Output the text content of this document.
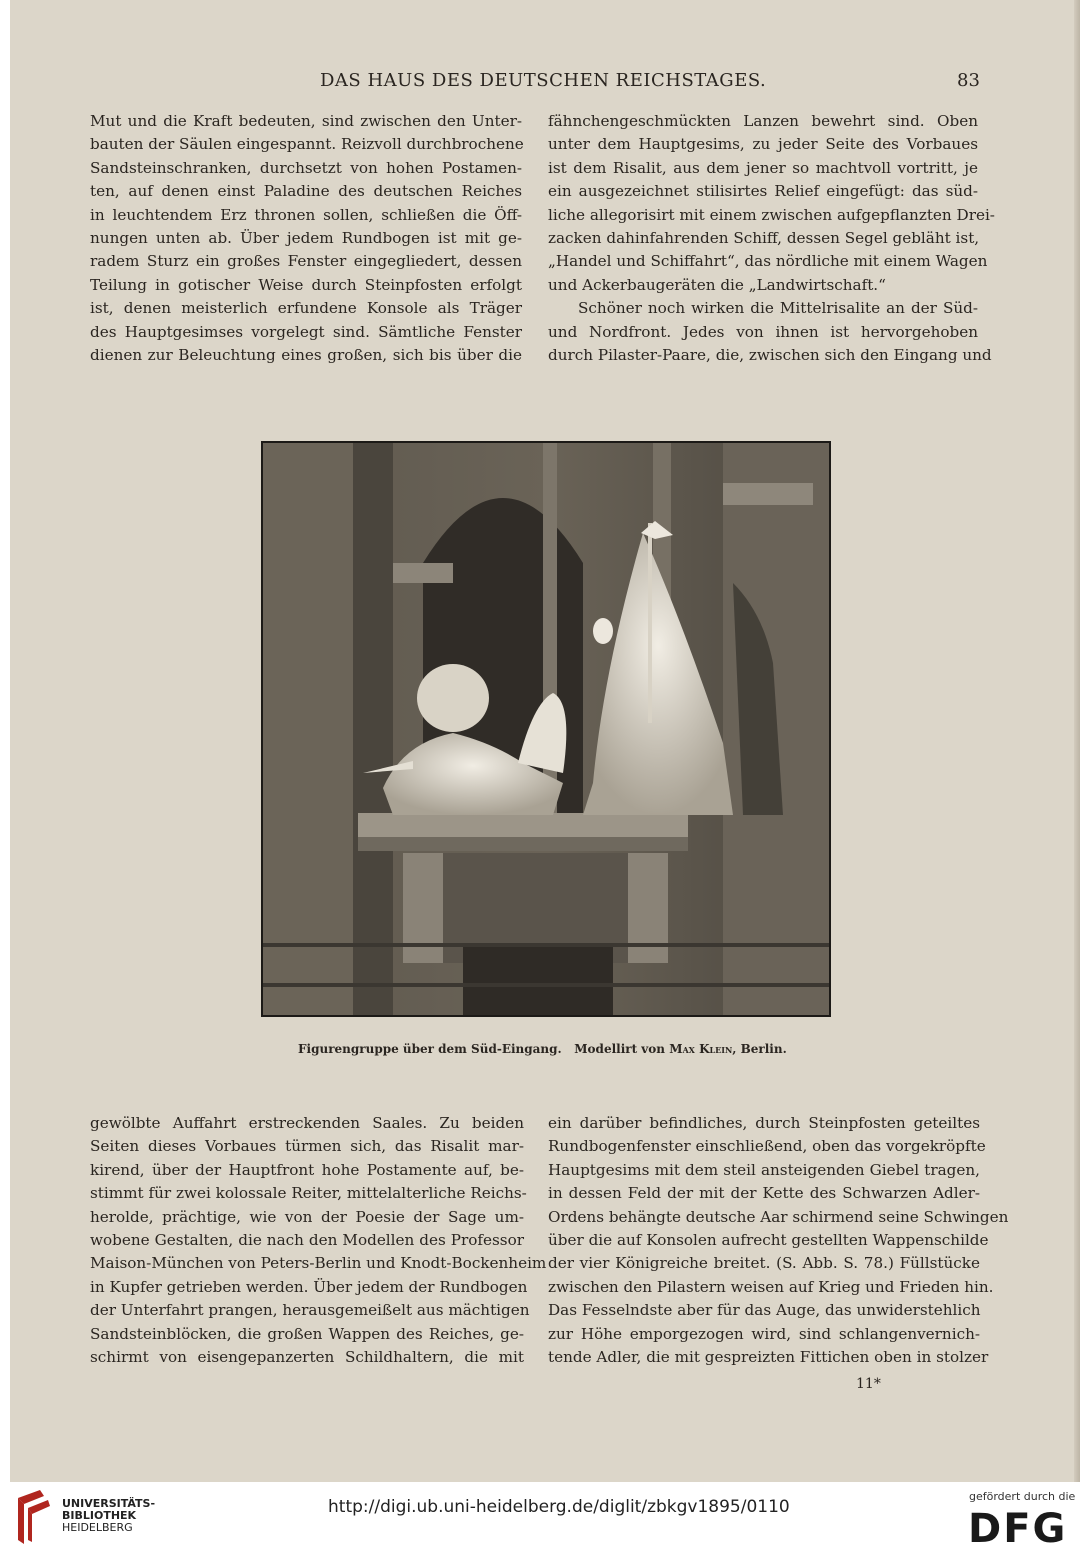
DAS HAUS DES DEUTSCHEN REICHSTAGES.	83

Mut und die Kraft bedeuten, sind zwischen den Unter-
bauten der Säulen eingespannt. Reizvoll durchbrochene
Sandsteinschranken, durchsetzt von hohen Postamen-
ten, auf denen einst Paladine des deutschen Reiches
in leuchtendem Erz thronen sollen, schließen die Öff-
nungen unten ab. Über jedem Rundbogen ist mit ge-
radem Sturz ein großes Fenster eingegliedert, dessen
Teilung in gotischer Weise durch Steinpfosten erfolgt
ist, denen meisterlich erfundene Konsole als Träger
des Hauptgesimses vorgelegt sind. Sämtliche Fenster
dienen zur Beleuchtung eines großen, sich bis über die

fähnchengeschmückten Lanzen bewehrt sind. Oben
unter dem Hauptgesims, zu jeder Seite des Vorbaues
ist dem Risalit, aus dem jener so machtvoll vortritt, je
ein ausgezeichnet stilisirtes Relief eingefügt: das süd-
liche allegorisirt mit einem zwischen aufgepflanzten Drei-
zacken dahinfahrenden Schiff, dessen Segel gebläht ist,
„Handel und Schiffahrt“, das nördliche mit einem Wagen
und Ackerbaugeräten die „Landwirtschaft.“

Schöner noch wirken die Mittelrisalite an der Süd-
und Nordfront. Jedes von ihnen ist hervorgehoben
durch Pilaster-Paare, die, zwischen sich den Eingang und

Figurengruppe über dem Süd-Eingang. Modellirt von Max Klein, Berlin.

gewölbte Auffahrt erstreckenden Saales. Zu beiden
Seiten dieses Vorbaues türmen sich, das Risalit mar-
kirend, über der Hauptfront hohe Postamente auf, be-
stimmt für zwei kolossale Reiter, mittelalterliche Reichs-
herolde, prächtige, wie von der Poesie der Sage um-
wobene Gestalten, die nach den Modellen des Professor
Maison-München von Peters-Berlin und Knodt-Bockenheim
in Kupfer getrieben werden. Über jedem der Rundbogen
der Unterfahrt prangen, herausgemeißelt aus mächtigen
Sandsteinblöcken, die großen Wappen des Reiches, ge-
schirmt von eisengepanzerten Schildhaltern, die mit

ein darüber befindliches, durch Steinpfosten geteiltes
Rundbogenfenster einschließend, oben das vorgekröpfte
Hauptgesims mit dem steil ansteigenden Giebel tragen,
in dessen Feld der mit der Kette des Schwarzen Adler-
Ordens behängte deutsche Aar schirmend seine Schwingen
über die auf Konsolen aufrecht gestellten Wappenschilde
der vier Königreiche breitet. (S. Abb. S. 78.) Füllstücke
zwischen den Pilastern weisen auf Krieg und Frieden hin.
Das Fesselndste aber für das Auge, das unwiderstehlich
zur Höhe emporgezogen wird, sind schlangenvernich-
tende Adler, die mit gespreizten Fittichen oben in stolzer

11*
UNIVERSITÄTS-
BIBLIOTHEK
HEIDELBERG
http://digi.ub.uni-heidelberg.de/diglit/zbkgv1895/0110
gefördert durch die
DFG
